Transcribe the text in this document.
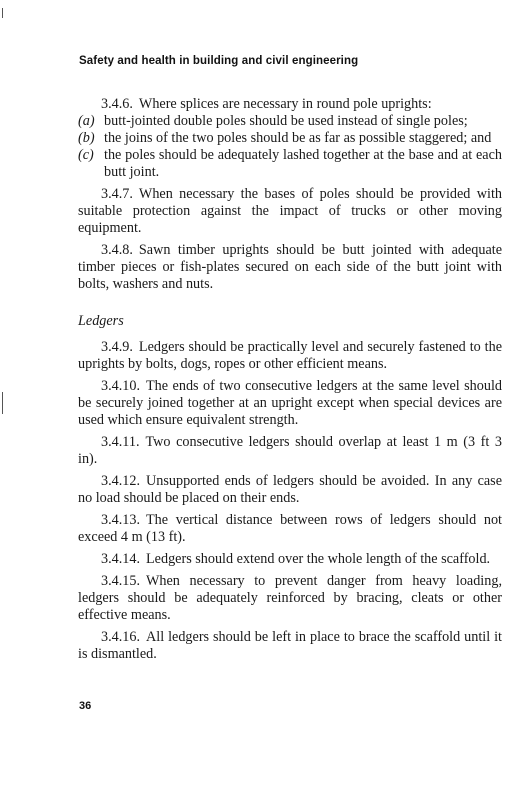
Safety and health in building and civil engineering

3.4.6. Where splices are necessary in round pole uprights:

(a) butt-jointed double poles should be used instead of single poles;
(b) the joins of the two poles should be as far as possible staggered; and
(c) the poles should be adequately lashed together at the base and at each butt joint.

3.4.7. When necessary the bases of poles should be provided with suitable protection against the impact of trucks or other moving equipment.

3.4.8. Sawn timber uprights should be butt jointed with adequate timber pieces or fish-plates secured on each side of the butt joint with bolts, washers and nuts.

Ledgers

3.4.9. Ledgers should be practically level and securely fastened to the uprights by bolts, dogs, ropes or other efficient means.

3.4.10. The ends of two consecutive ledgers at the same level should be securely joined together at an upright except when special devices are used which ensure equivalent strength.

3.4.11. Two consecutive ledgers should overlap at least 1 m (3 ft 3 in).

3.4.12. Unsupported ends of ledgers should be avoided. In any case no load should be placed on their ends.

3.4.13. The vertical distance between rows of ledgers should not exceed 4 m (13 ft).

3.4.14. Ledgers should extend over the whole length of the scaffold.

3.4.15. When necessary to prevent danger from heavy loading, ledgers should be adequately reinforced by bracing, cleats or other effective means.

3.4.16. All ledgers should be left in place to brace the scaffold until it is dismantled.

36
